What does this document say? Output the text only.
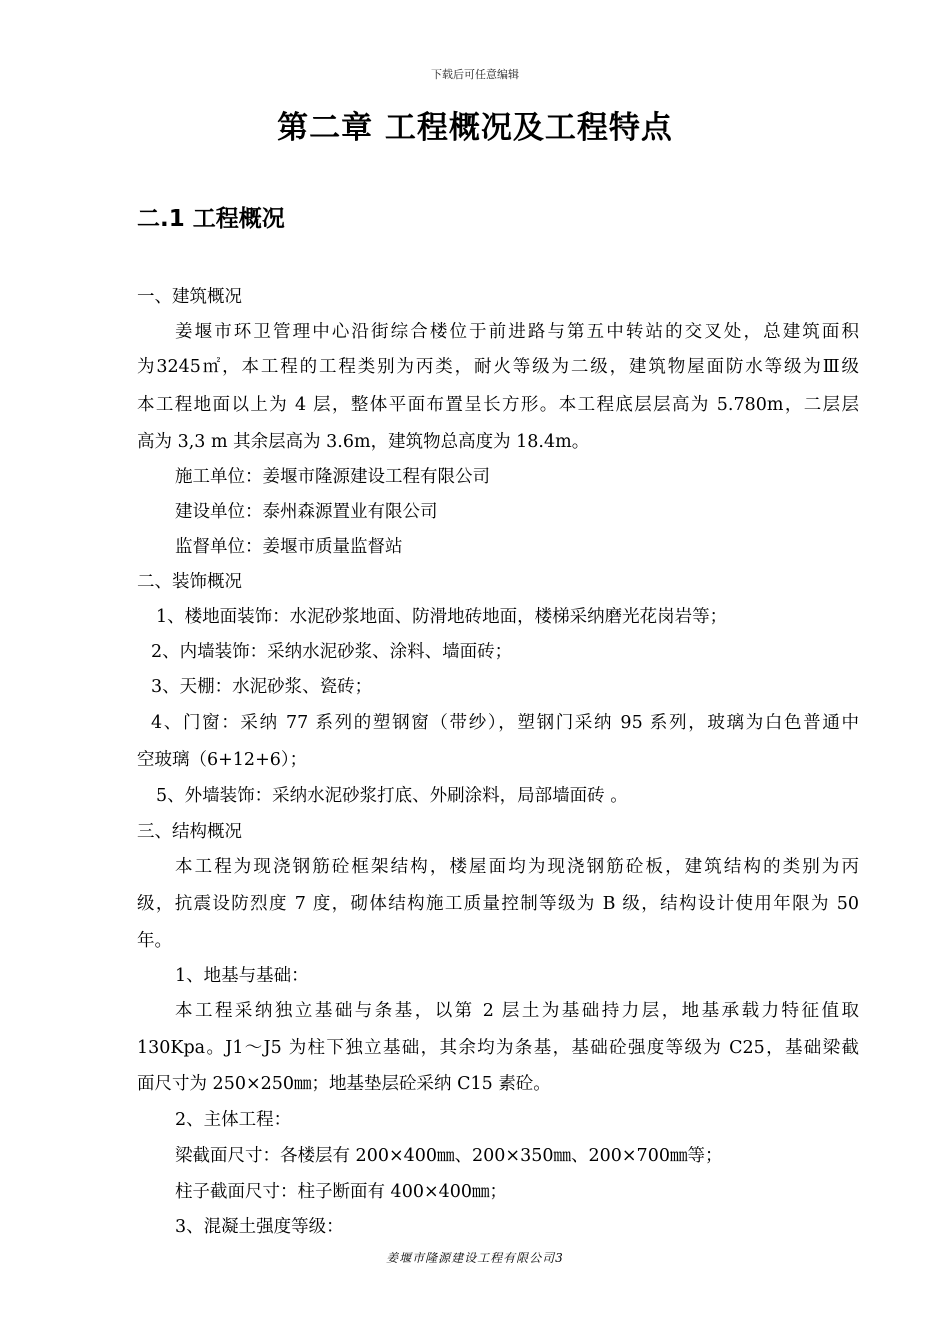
下载后可任意编辑
第二章 工程概况及工程特点
二.1 工程概况
一、建筑概况
姜堰市环卫管理中心沿街综合楼位于前进路与第五中转站的交叉处，总建筑面积
为3245㎡，本工程的工程类别为丙类，耐火等级为二级，建筑物屋面防水等级为Ⅲ级
本工程地面以上为 4 层，整体平面布置呈长方形。本工程底层层高为 5.780m，二层层
高为 3,3 m 其余层高为 3.6m，建筑物总高度为 18.4m。
施工单位：姜堰市隆源建设工程有限公司
建设单位：泰州森源置业有限公司
监督单位：姜堰市质量监督站
二、装饰概况
1、楼地面装饰：水泥砂浆地面、防滑地砖地面，楼梯采纳磨光花岗岩等；
2、内墙装饰：采纳水泥砂浆、涂料、墙面砖；
3、天棚：水泥砂浆、瓷砖；
4、门窗：采纳 77 系列的塑钢窗（带纱），塑钢门采纳 95 系列，玻璃为白色普通中
空玻璃（6+12+6）；
5、外墙装饰：采纳水泥砂浆打底、外刷涂料，局部墙面砖 。
三、结构概况
本工程为现浇钢筋砼框架结构，楼屋面均为现浇钢筋砼板，建筑结构的类别为丙
级，抗震设防烈度 7 度，砌体结构施工质量控制等级为 B 级，结构设计使用年限为 50
年。
1、地基与基础：
本工程采纳独立基础与条基，以第 2 层土为基础持力层，地基承载力特征值取
130Kpa。J1～J5 为柱下独立基础，其余均为条基，基础砼强度等级为 C25，基础梁截
面尺寸为 250×250㎜；地基垫层砼采纳 C15 素砼。
2、主体工程：
梁截面尺寸：各楼层有 200×400㎜、200×350㎜、200×700㎜等；
柱子截面尺寸：柱子断面有 400×400㎜；
3、混凝土强度等级：
姜堰市隆源建设工程有限公司3
